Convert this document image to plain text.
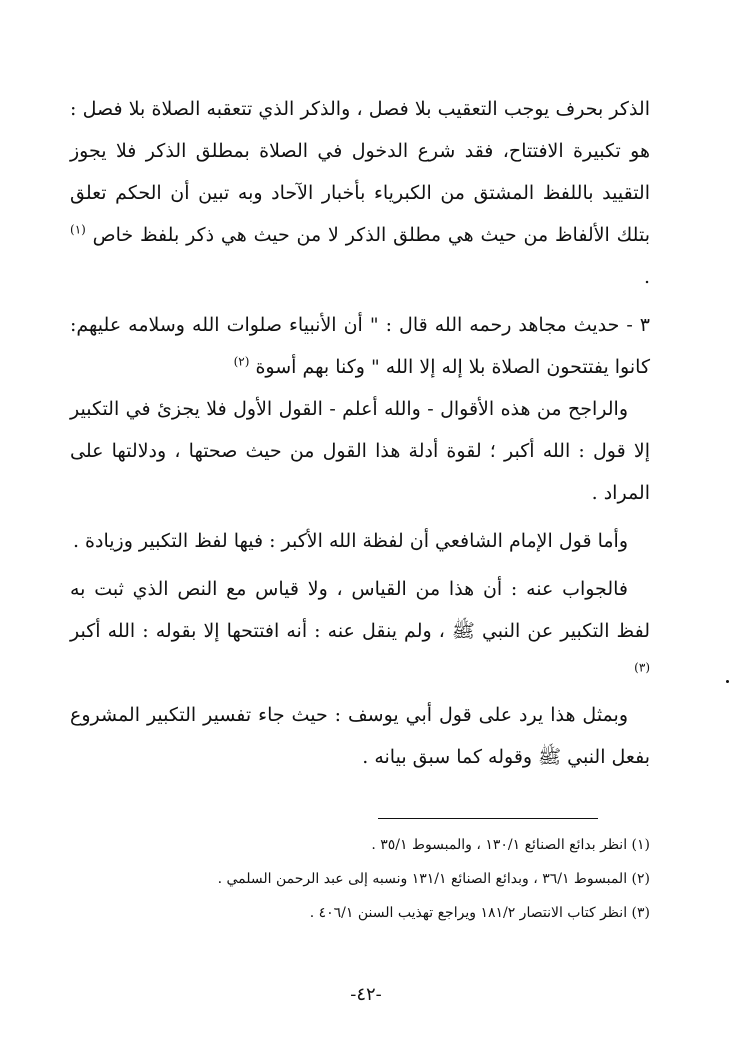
الذكر بحرف يوجب التعقيب بلا فصل ، والذكر الذي تتعقبه الصلاة بلا فصل : هو تكبيرة الافتتاح، فقد شرع الدخول في الصلاة بمطلق الذكر فلا يجوز التقييد باللفظ المشتق من الكبرياء بأخبار الآحاد وبه تبين أن الحكم تعلق بتلك الألفاظ من حيث هي مطلق الذكر لا من حيث هي ذكر بلفظ خاص $^{(١)}$ .

٣ - حديث مجاهد رحمه الله قال : " أن الأنبياء صلوات الله وسلامه عليهم: كانوا يفتتحون الصلاة بلا إله إلا الله " وكنا بهم أسوة $^{(٢)}$

والراجح من هذه الأقوال - والله أعلم - القول الأول فلا يجزئ في التكبير إلا قول : الله أكبر ؛ لقوة أدلة هذا القول من حيث صحتها ، ودلالتها على المراد .

وأما قول الإمام الشافعي أن لفظة الله الأكبر : فيها لفظ التكبير وزيادة .

فالجواب عنه : أن هذا من القياس ، ولا قياس مع النص الذي ثبت به لفظ التكبير عن النبي ﷺ ، ولم ينقل عنه : أنه افتتحها إلا بقوله : الله أكبر $^{(٣)}$

وبمثل هذا يرد على قول أبي يوسف : حيث جاء تفسير التكبير المشروع بفعل النبي ﷺ وقوله كما سبق بيانه .

(١) انظر بدائع الصنائع ١٣٠/١ ، والمبسوط ٣٥/١ .

(٢) المبسوط ٣٦/١ ، وبدائع الصنائع ١٣١/١ ونسبه إلى عبد الرحمن السلمي .

(٣) انظر كتاب الانتصار ١٨١/٢ ويراجع تهذيب السنن ٤٠٦/١ .

-٤٢-
